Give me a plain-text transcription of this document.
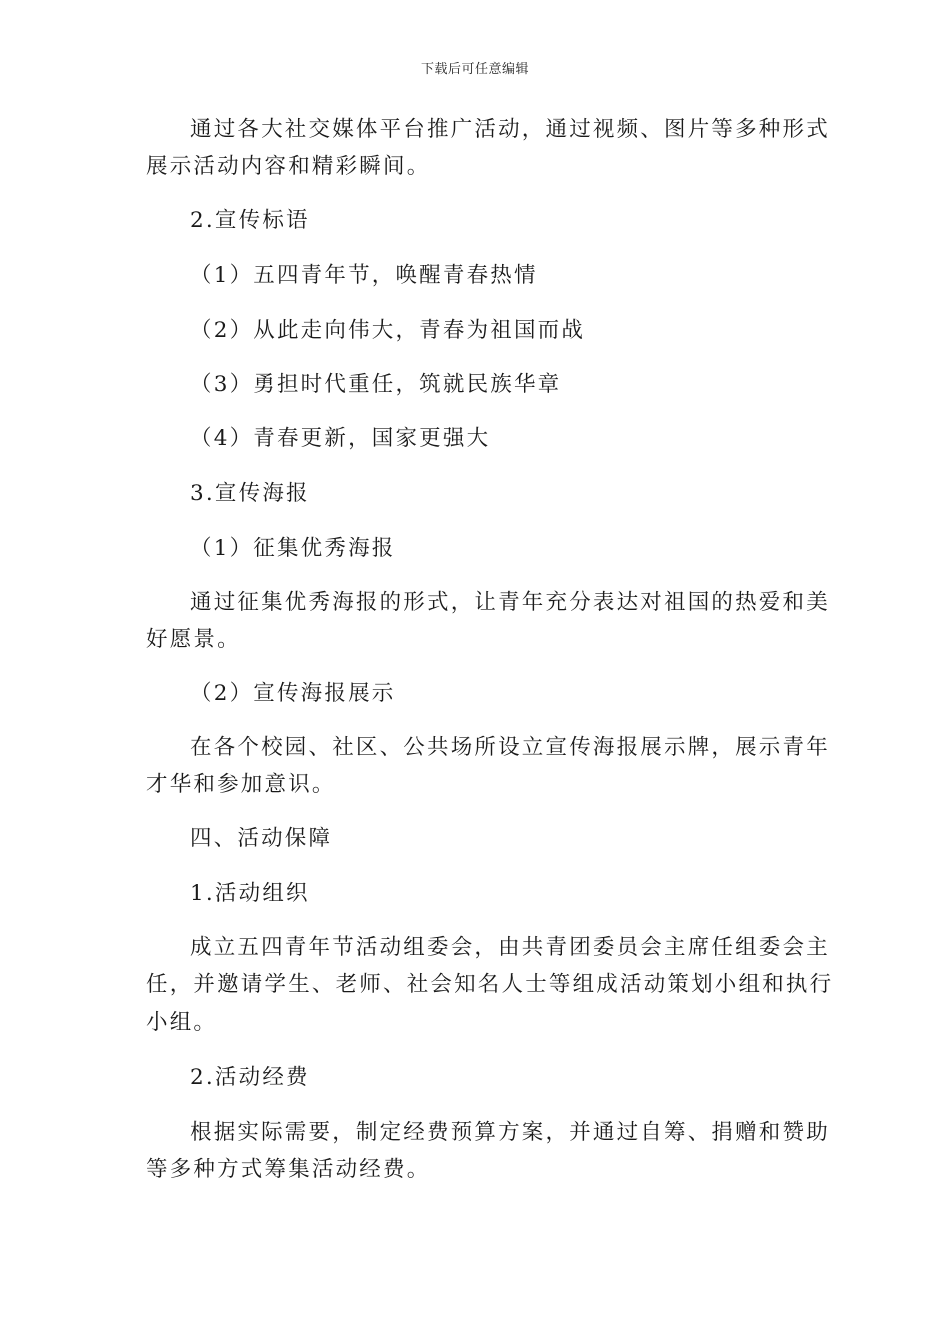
下载后可任意编辑
通过各大社交媒体平台推广活动，通过视频、图片等多种形式
展示活动内容和精彩瞬间。
2.宣传标语
（1）五四青年节，唤醒青春热情
（2）从此走向伟大，青春为祖国而战
（3）勇担时代重任，筑就民族华章
（4）青春更新，国家更强大
3.宣传海报
（1）征集优秀海报
通过征集优秀海报的形式，让青年充分表达对祖国的热爱和美
好愿景。
（2）宣传海报展示
在各个校园、社区、公共场所设立宣传海报展示牌，展示青年
才华和参加意识。
四、活动保障
1.活动组织
成立五四青年节活动组委会，由共青团委员会主席任组委会主
任，并邀请学生、老师、社会知名人士等组成活动策划小组和执行
小组。
2.活动经费
根据实际需要，制定经费预算方案，并通过自筹、捐赠和赞助
等多种方式筹集活动经费。
